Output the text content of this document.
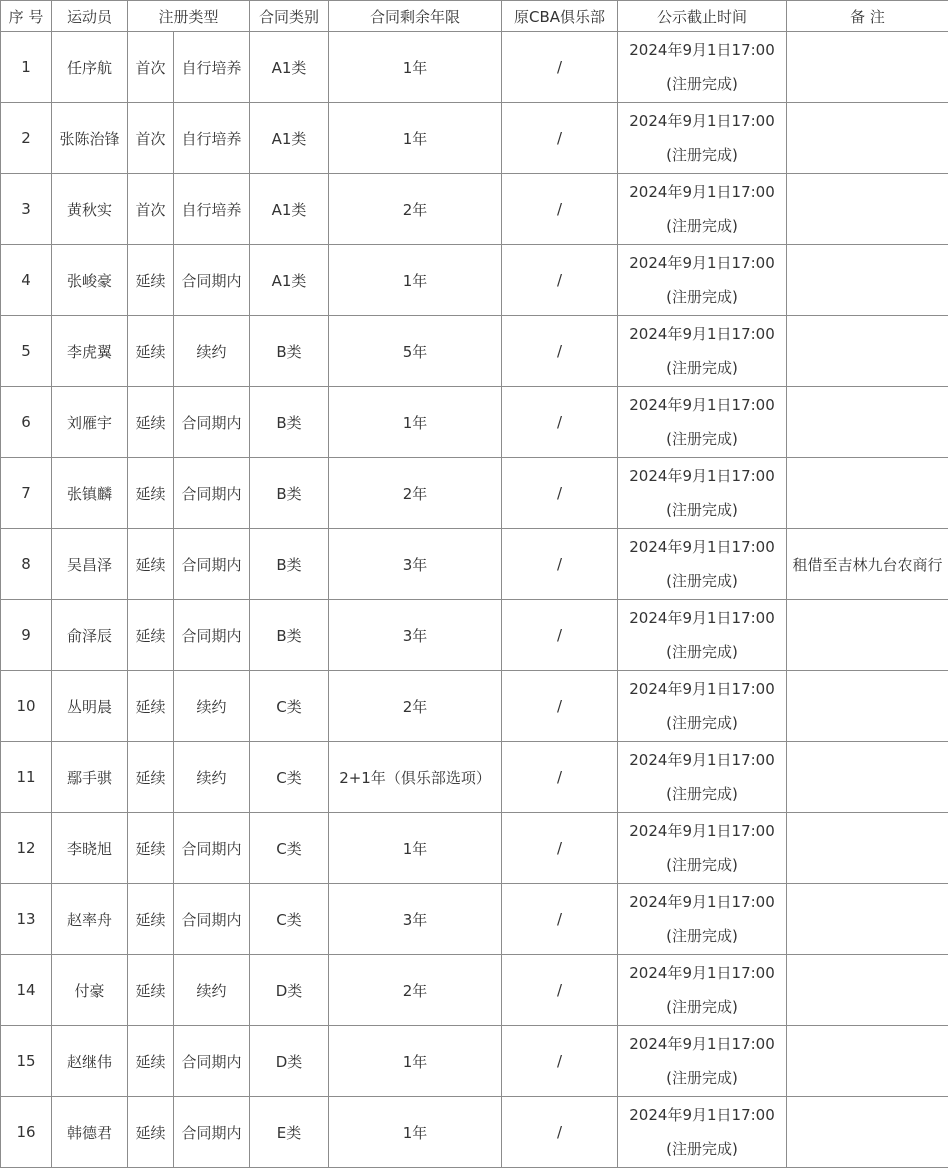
序 号	运动员	注册类型		合同类别	合同剩余年限	原CBA俱乐部	公示截止时间	备 注
1	任序航	首次	自行培养	A1类	1年	/	2024年9月1日17:00
(注册完成)	

2	张陈治锋	首次	自行培养	A1类	1年	/	2024年9月1日17:00
(注册完成)	

3	黄秋实	首次	自行培养	A1类	2年	/	2024年9月1日17:00
(注册完成)	

4	张峻豪	延续	合同期内	A1类	1年	/	2024年9月1日17:00
(注册完成)	

5	李虎翼	延续	续约	B类	5年	/	2024年9月1日17:00
(注册完成)	

6	刘雁宇	延续	合同期内	B类	1年	/	2024年9月1日17:00
(注册完成)	

7	张镇麟	延续	合同期内	B类	2年	/	2024年9月1日17:00
(注册完成)	

8	吴昌泽	延续	合同期内	B类	3年	/	2024年9月1日17:00
(注册完成)	租借至吉林九台农商行
9	俞泽辰	延续	合同期内	B类	3年	/	2024年9月1日17:00
(注册完成)	

10	丛明晨	延续	续约	C类	2年	/	2024年9月1日17:00
(注册完成)	

11	鄢手骐	延续	续约	C类	2+1年（俱乐部选项）	/	2024年9月1日17:00
(注册完成)	

12	李晓旭	延续	合同期内	C类	1年	/	2024年9月1日17:00
(注册完成)	

13	赵率舟	延续	合同期内	C类	3年	/	2024年9月1日17:00
(注册完成)	

14	付豪	延续	续约	D类	2年	/	2024年9月1日17:00
(注册完成)	

15	赵继伟	延续	合同期内	D类	1年	/	2024年9月1日17:00
(注册完成)	

16	韩德君	延续	合同期内	E类	1年	/	2024年9月1日17:00
(注册完成)	
